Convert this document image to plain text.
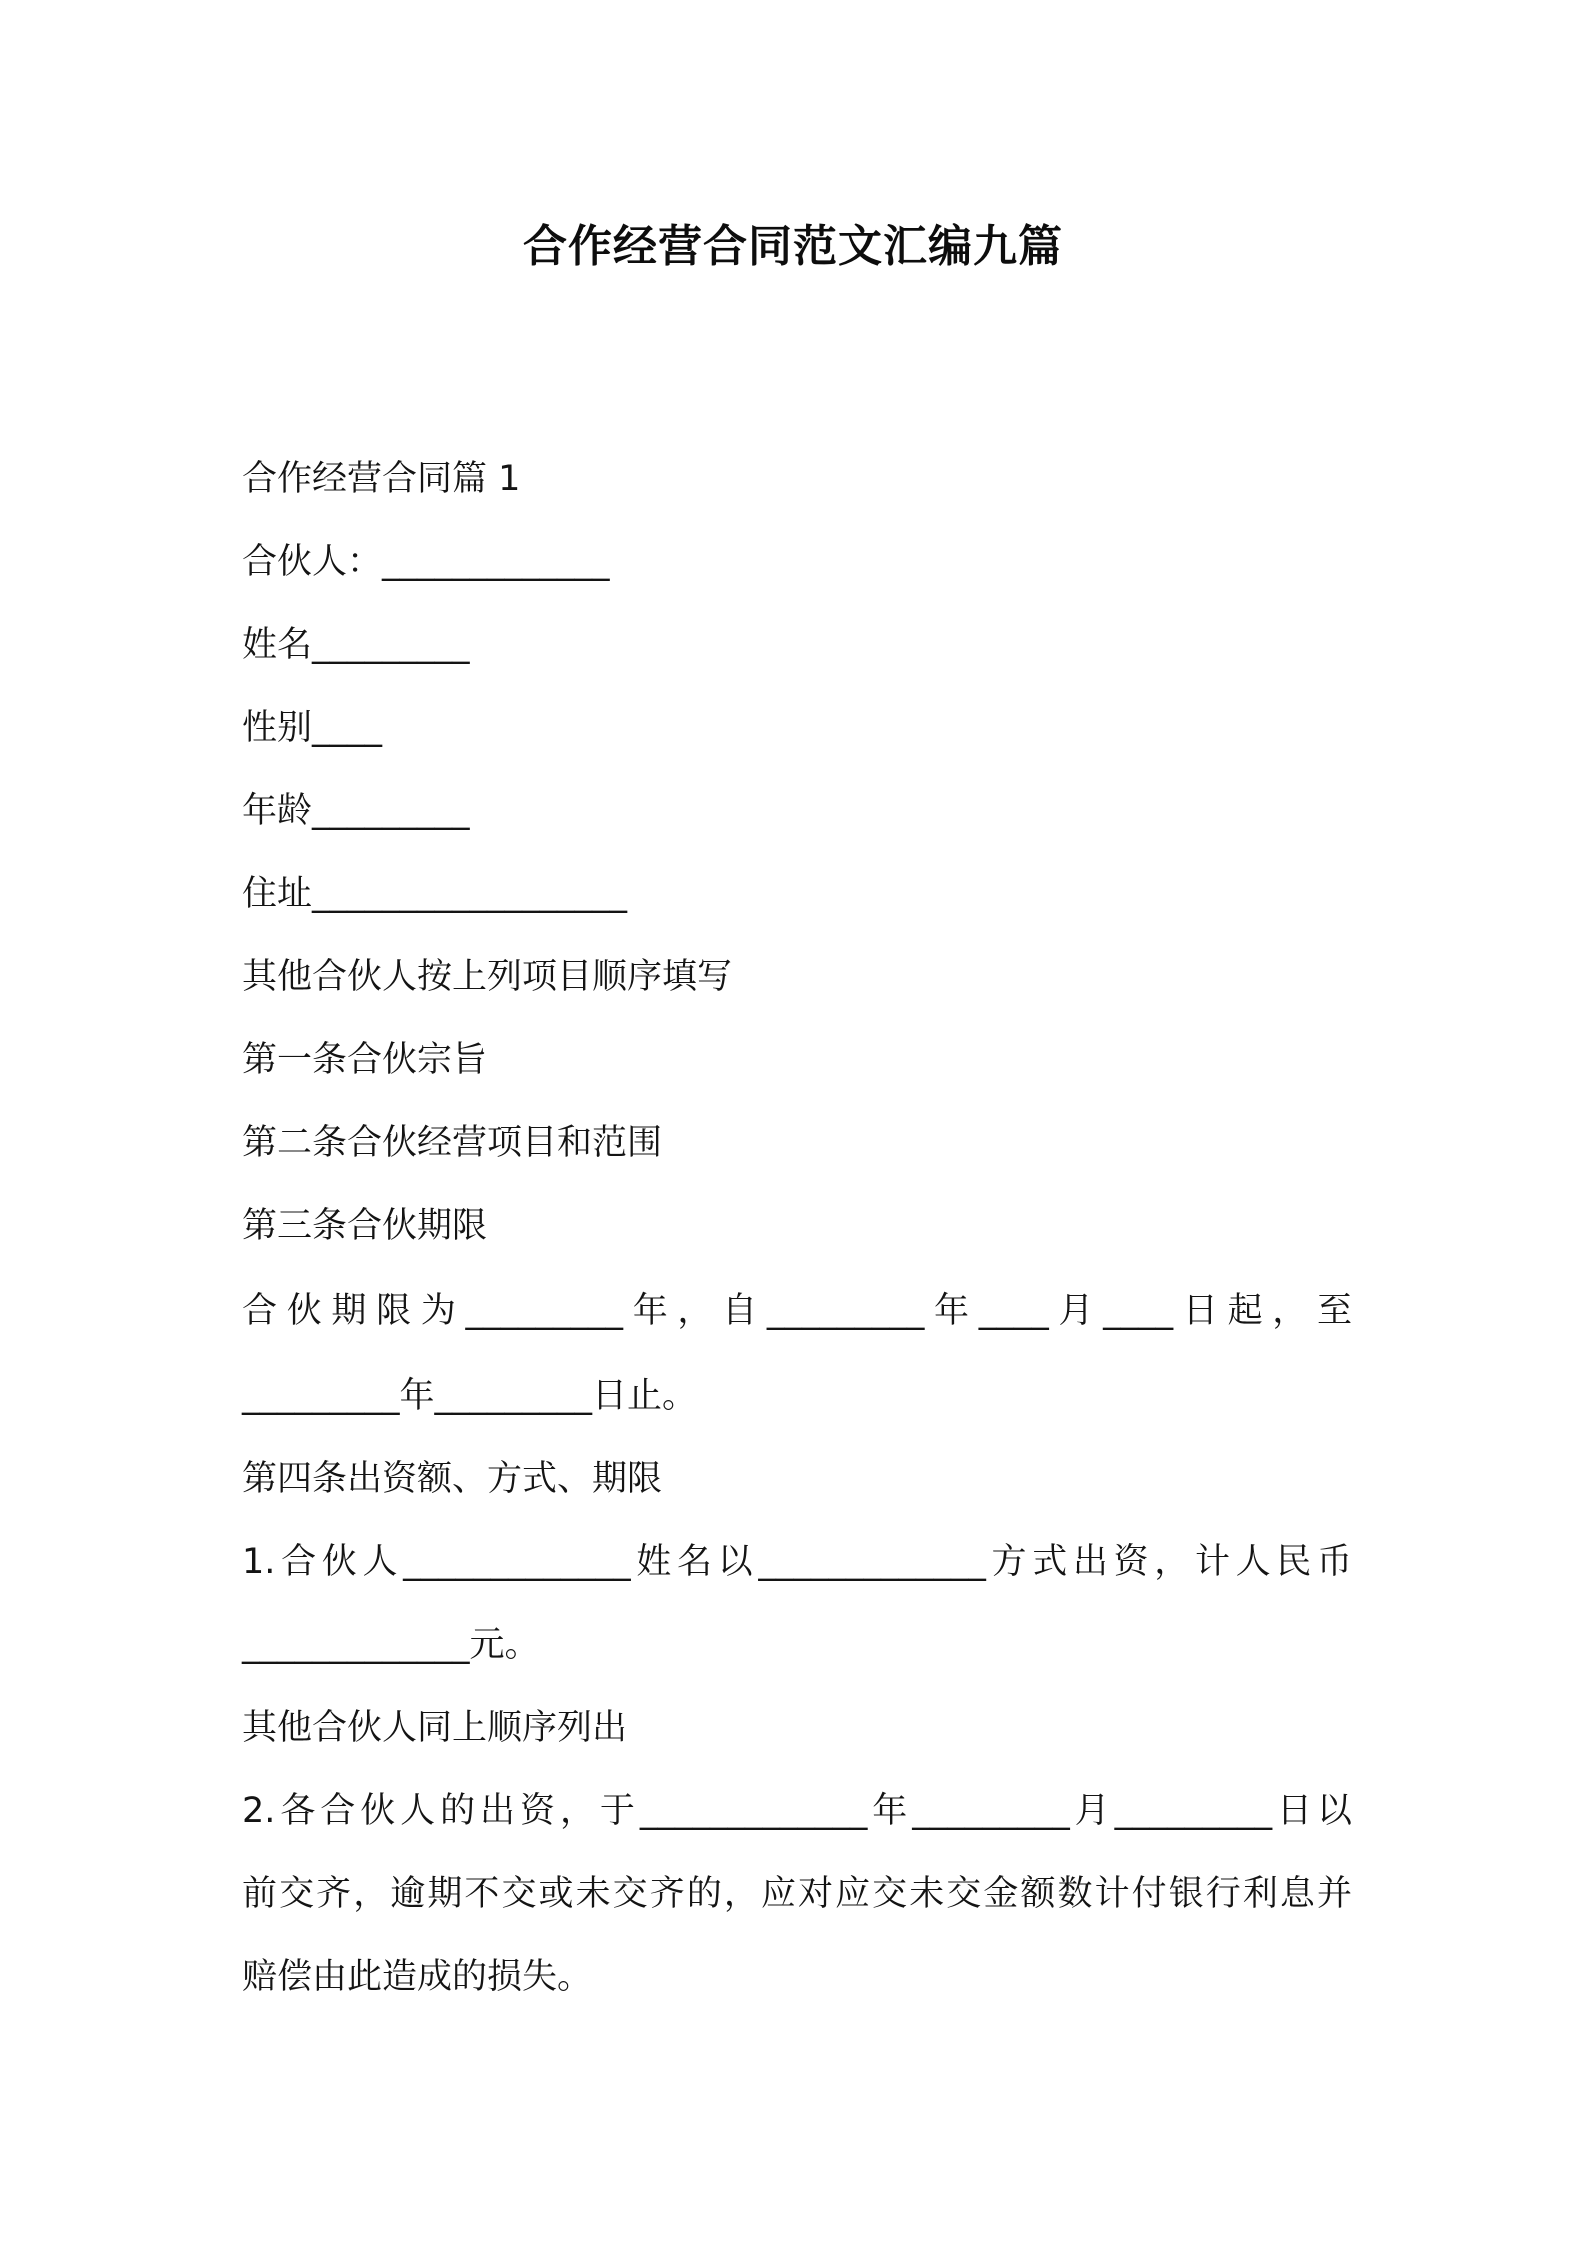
合作经营合同范文汇编九篇
合作经营合同篇 1
合伙人：_____________
姓名_________
性别____
年龄_________
住址__________________
其他合伙人按上列项目顺序填写
第一条合伙宗旨
第二条合伙经营项目和范围
第三条合伙期限
合伙期限为_________年，自_________年____月____日起，至
_________年_________日止。
第四条出资额、方式、期限
1.合伙人_____________姓名以_____________方式出资，计人民币
_____________元。
其他合伙人同上顺序列出
2.各合伙人的出资，于_____________年_________月_________日以
前交齐，逾期不交或未交齐的，应对应交未交金额数计付银行利息并
赔偿由此造成的损失。
